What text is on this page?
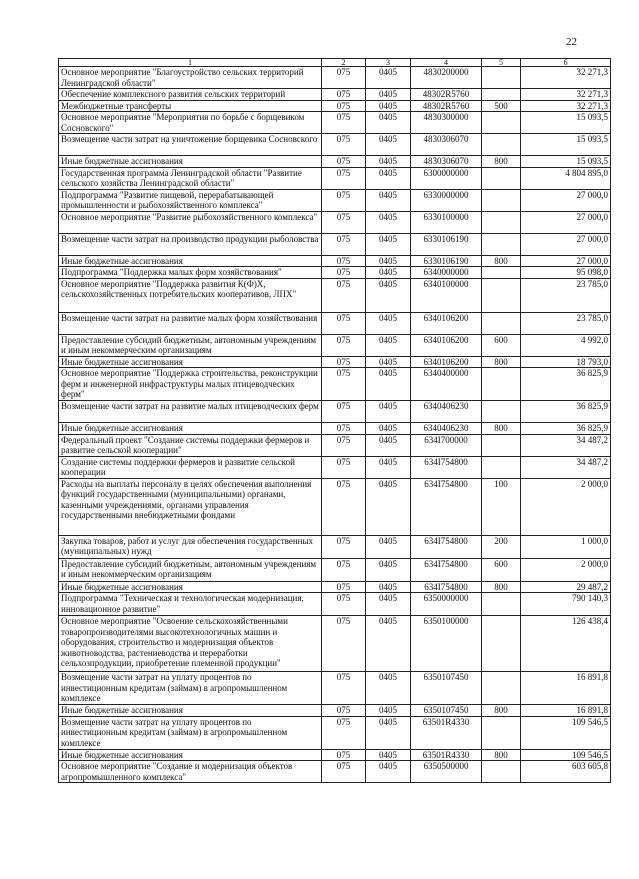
22
1	2	3	4	5	6
Основное мероприятие "Благоустройство сельских территорий Ленинградской области"	075	0405	4830200000		32 271,3
Обеспечение комплексного развития сельских территорий	075	0405	48302R5760		32 271,3
Межбюджетные трансферты	075	0405	48302R5760	500	32 271,3
Основное мероприятие "Мероприятия по борьбе с борщевиком Сосновского"	075	0405	4830300000		15 093,5
Возмещение части затрат на уничтожение борщевика Сосновского	075	0405	4830306070		15 093,5
Иные бюджетные ассигнования	075	0405	4830306070	800	15 093,5
Государственная программа Ленинградской области "Развитие сельского хозяйства Ленинградской области"	075	0405	6300000000		4 804 895,0
Подпрограмма "Развитие пищевой, перерабатывающей промышленности и рыбохозяйственного комплекса"	075	0405	6330000000		27 000,0
Основное мероприятие "Развитие рыбохозяйственного комплекса"	075	0405	6330100000		27 000,0
Возмещение части затрат на производство продукции рыболовства	075	0405	6330106190		27 000,0
Иные бюджетные ассигнования	075	0405	6330106190	800	27 000,0
Подпрограмма "Поддержка малых форм хозяйствования"	075	0405	6340000000		95 098,0
Основное мероприятие "Поддержка развития К(Ф)Х, сельскохозяйственных потребительских кооперативов, ЛПХ"	075	0405	6340100000		23 785,0
Возмещение части затрат на развитие малых форм хозяйствования	075	0405	6340106200		23 785,0
Предоставление субсидий бюджетным, автономным учреждениям и иным некоммерческим организациям	075	0405	6340106200	600	4 992,0
Иные бюджетные ассигнования	075	0405	6340106200	800	18 793,0
Основное мероприятие "Поддержка строительства, реконструкции ферм и инженерной инфраструктуры малых птицеводческих ферм"	075	0405	6340400000		36 825,9
Возмещение части затрат на развитие малых птицеводческих ферм	075	0405	6340406230		36 825,9
Иные бюджетные ассигнования	075	0405	6340406230	800	36 825,9
Федеральный проект "Создание системы поддержки фермеров и развитие сельской кооперации"	075	0405	634I700000		34 487,2
Создание системы поддержки фермеров и развитие сельской кооперации	075	0405	634I754800		34 487,2
Расходы на выплаты персоналу в целях обеспечения выполнения функций государственными (муниципальными) органами, казенными учреждениями, органами управления государственными внебюджетными фондами	075	0405	634I754800	100	2 000,0
Закупка товаров, работ и услуг для обеспечения государственных (муниципальных) нужд	075	0405	634I754800	200	1 000,0
Предоставление субсидий бюджетным, автономным учреждениям и иным некоммерческим организациям	075	0405	634I754800	600	2 000,0
Иные бюджетные ассигнования	075	0405	634I754800	800	29 487,2
Подпрограмма "Техническая и технологическая модернизация, инновационное развитие"	075	0405	6350000000		790 140,3
Основное мероприятие "Освоение сельскохозяйственными товаропроизводителями высокотехнологичных машин и оборудования, строительство и модернизация объектов животноводства, растениеводства и переработки сельхозпродукции, приобретение племенной продукции"	075	0405	6350100000		126 438,4
Возмещение части затрат на уплату процентов по инвестиционным кредитам (займам) в агропромышленном комплексе	075	0405	6350107450		16 891,8
Иные бюджетные ассигнования	075	0405	6350107450	800	16 891,8
Возмещение части затрат на уплату процентов по инвестиционным кредитам (займам) в агропромышленном комплексе	075	0405	63501R4330		109 546,5
Иные бюджетные ассигнования	075	0405	63501R4330	800	109 546,5
Основное мероприятие "Создание и модернизация объектов агропромышленного комплекса"	075	0405	6350500000		603 605,8
